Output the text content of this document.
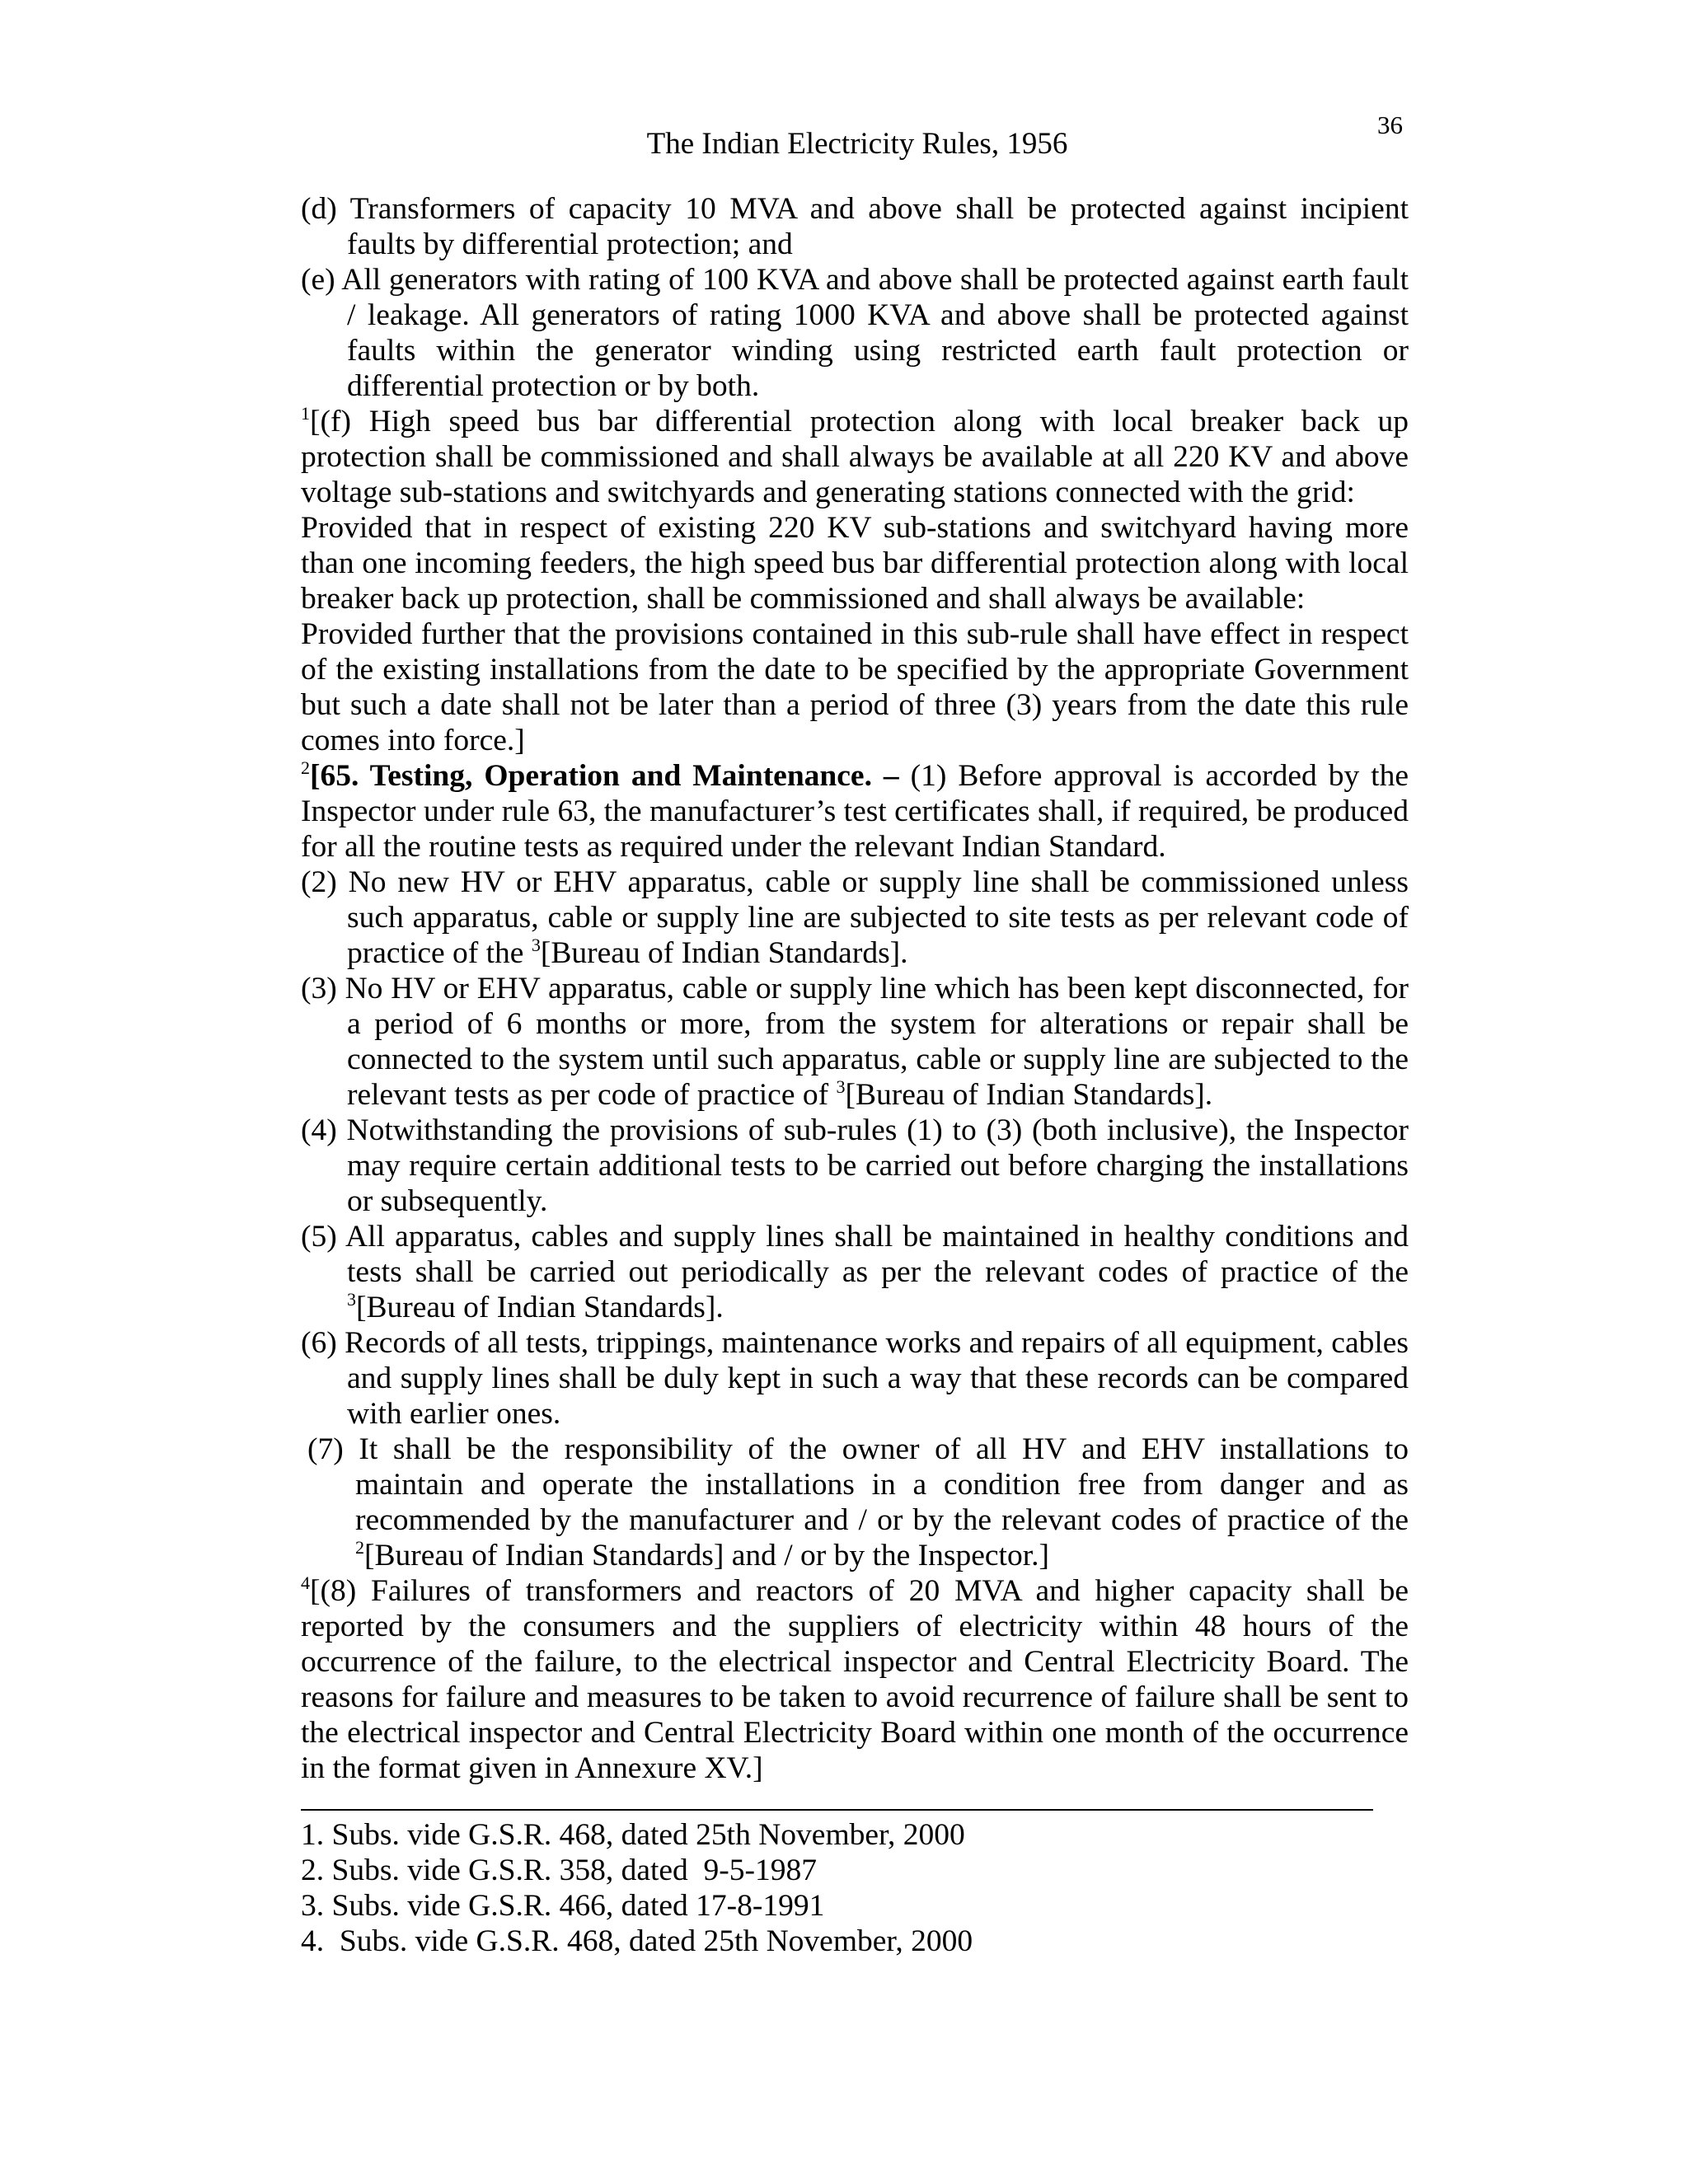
36
The Indian Electricity Rules, 1956

(d) Transformers of capacity 10 MVA and above shall be protected against incipient faults by differential protection; and

(e) All generators with rating of 100 KVA and above shall be protected against earth fault / leakage. All generators of rating 1000 KVA and above shall be protected against faults within the generator winding using restricted earth fault protection or differential protection or by both.

$^1$[(f) High speed bus bar differential protection along with local breaker back up protection shall be commissioned and shall always be available at all 220 KV and above voltage sub-stations and switchyards and generating stations connected with the grid:

Provided that in respect of existing 220 KV sub-stations and switchyard having more than one incoming feeders, the high speed bus bar differential protection along with local breaker back up protection, shall be commissioned and shall always be available:

Provided further that the provisions contained in this sub-rule shall have effect in respect of the existing installations from the date to be specified by the appropriate Government but such a date shall not be later than a period of three (3) years from the date this rule comes into force.]

$^2$[65. Testing, Operation and Maintenance. – (1) Before approval is accorded by the Inspector under rule 63, the manufacturer’s test certificates shall, if required, be produced for all the routine tests as required under the relevant Indian Standard.

(2) No new HV or EHV apparatus, cable or supply line shall be commissioned unless such apparatus, cable or supply line are subjected to site tests as per relevant code of practice of the $^3$[Bureau of Indian Standards].

(3) No HV or EHV apparatus, cable or supply line which has been kept disconnected, for a period of 6 months or more, from the system for alterations or repair shall be connected to the system until such apparatus, cable or supply line are subjected to the relevant tests as per code of practice of $^3$[Bureau of Indian Standards].

(4) Notwithstanding the provisions of sub-rules (1) to (3) (both inclusive), the Inspector may require certain additional tests to be carried out before charging the installations or subsequently.

(5) All apparatus, cables and supply lines shall be maintained in healthy conditions and tests shall be carried out periodically as per the relevant codes of practice of the $^3$[Bureau of Indian Standards].

(6) Records of all tests, trippings, maintenance works and repairs of all equipment, cables and supply lines shall be duly kept in such a way that these records can be compared with earlier ones.

(7) It shall be the responsibility of the owner of all HV and EHV installations to maintain and operate the installations in a condition free from danger and as recommended by the manufacturer and / or by the relevant codes of practice of the $^2$[Bureau of Indian Standards] and / or by the Inspector.]

$^4$[(8) Failures of transformers and reactors of 20 MVA and higher capacity shall be reported by the consumers and the suppliers of electricity within 48 hours of the occurrence of the failure, to the electrical inspector and Central Electricity Board. The reasons for failure and measures to be taken to avoid recurrence of failure shall be sent to the electrical inspector and Central Electricity Board within one month of the occurrence in the format given in Annexure XV.]

1. Subs. vide G.S.R. 468, dated 25th November, 2000

2. Subs. vide G.S.R. 358, dated  9-5-1987

3. Subs. vide G.S.R. 466, dated 17-8-1991

4.  Subs. vide G.S.R. 468, dated 25th November, 2000
